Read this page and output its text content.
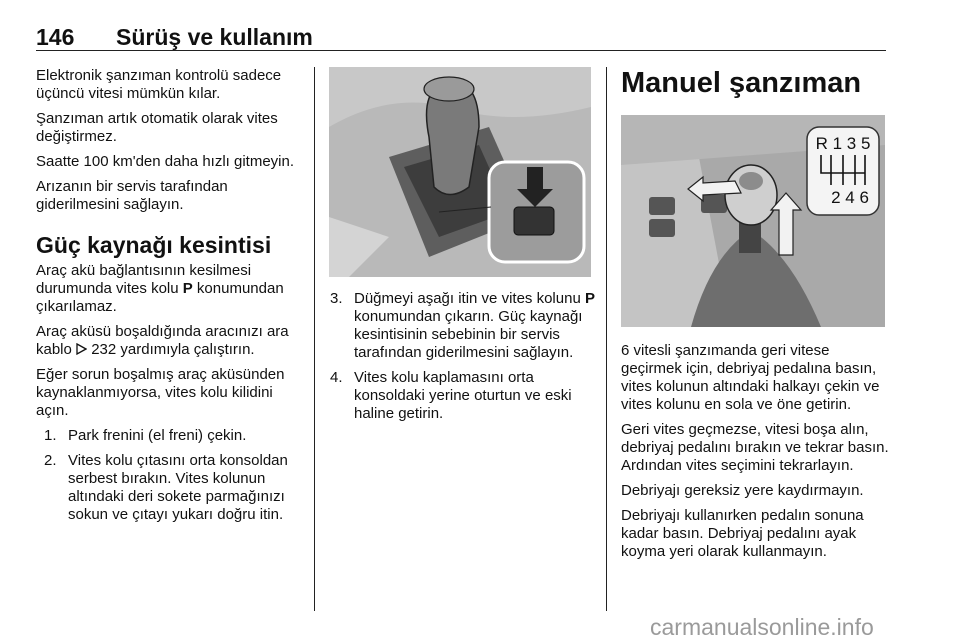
146 Sürüş ve kullanım

Elektronik şanzıman kontrolü sadece üçüncü vitesi mümkün kılar.

Şanzıman artık otomatik olarak vites değiştirmez.

Saatte 100 km'den daha hızlı gitmeyin.

Arızanın bir servis tarafından giderilmesini sağlayın.

Güç kaynağı kesintisi

Araç akü bağlantısının kesilmesi durumunda vites kolu P konumundan çıkarılamaz.

Araç aküsü boşaldığında aracınızı ara kablo  232 yardımıyla çalıştırın.

Eğer sorun boşalmış araç aküsünden kaynaklanmıyorsa, vites kolu kilidini açın.

1. Park frenini (el freni) çekin.
2. Vites kolu çıtasını orta konsoldan serbest bırakın. Vites kolunun altındaki deri sokete parmağınızı sokun ve çıtayı yukarı doğru itin.
3. Düğmeyi aşağı itin ve vites kolunu P konumundan çıkarın. Güç kaynağı kesintisinin sebebinin bir servis tarafından giderilmesini sağlayın.
4. Vites kolu kaplamasını orta konsoldaki yerine oturtun ve eski haline getirin.
Manuel şanzıman
R 1 3 5
2 4 6

6 vitesli şanzımanda geri vitese geçirmek için, debriyaj pedalına basın, vites kolunun altındaki halkayı çekin ve vites kolunu en sola ve öne getirin.

Geri vites geçmezse, vitesi boşa alın, debriyaj pedalını bırakın ve tekrar basın. Ardından vites seçimini tekrarlayın.

Debriyajı gereksiz yere kaydırmayın.

Debriyajı kullanırken pedalın sonuna kadar basın. Debriyaj pedalını ayak koyma yeri olarak kullanmayın.

carmanualsonline.info
